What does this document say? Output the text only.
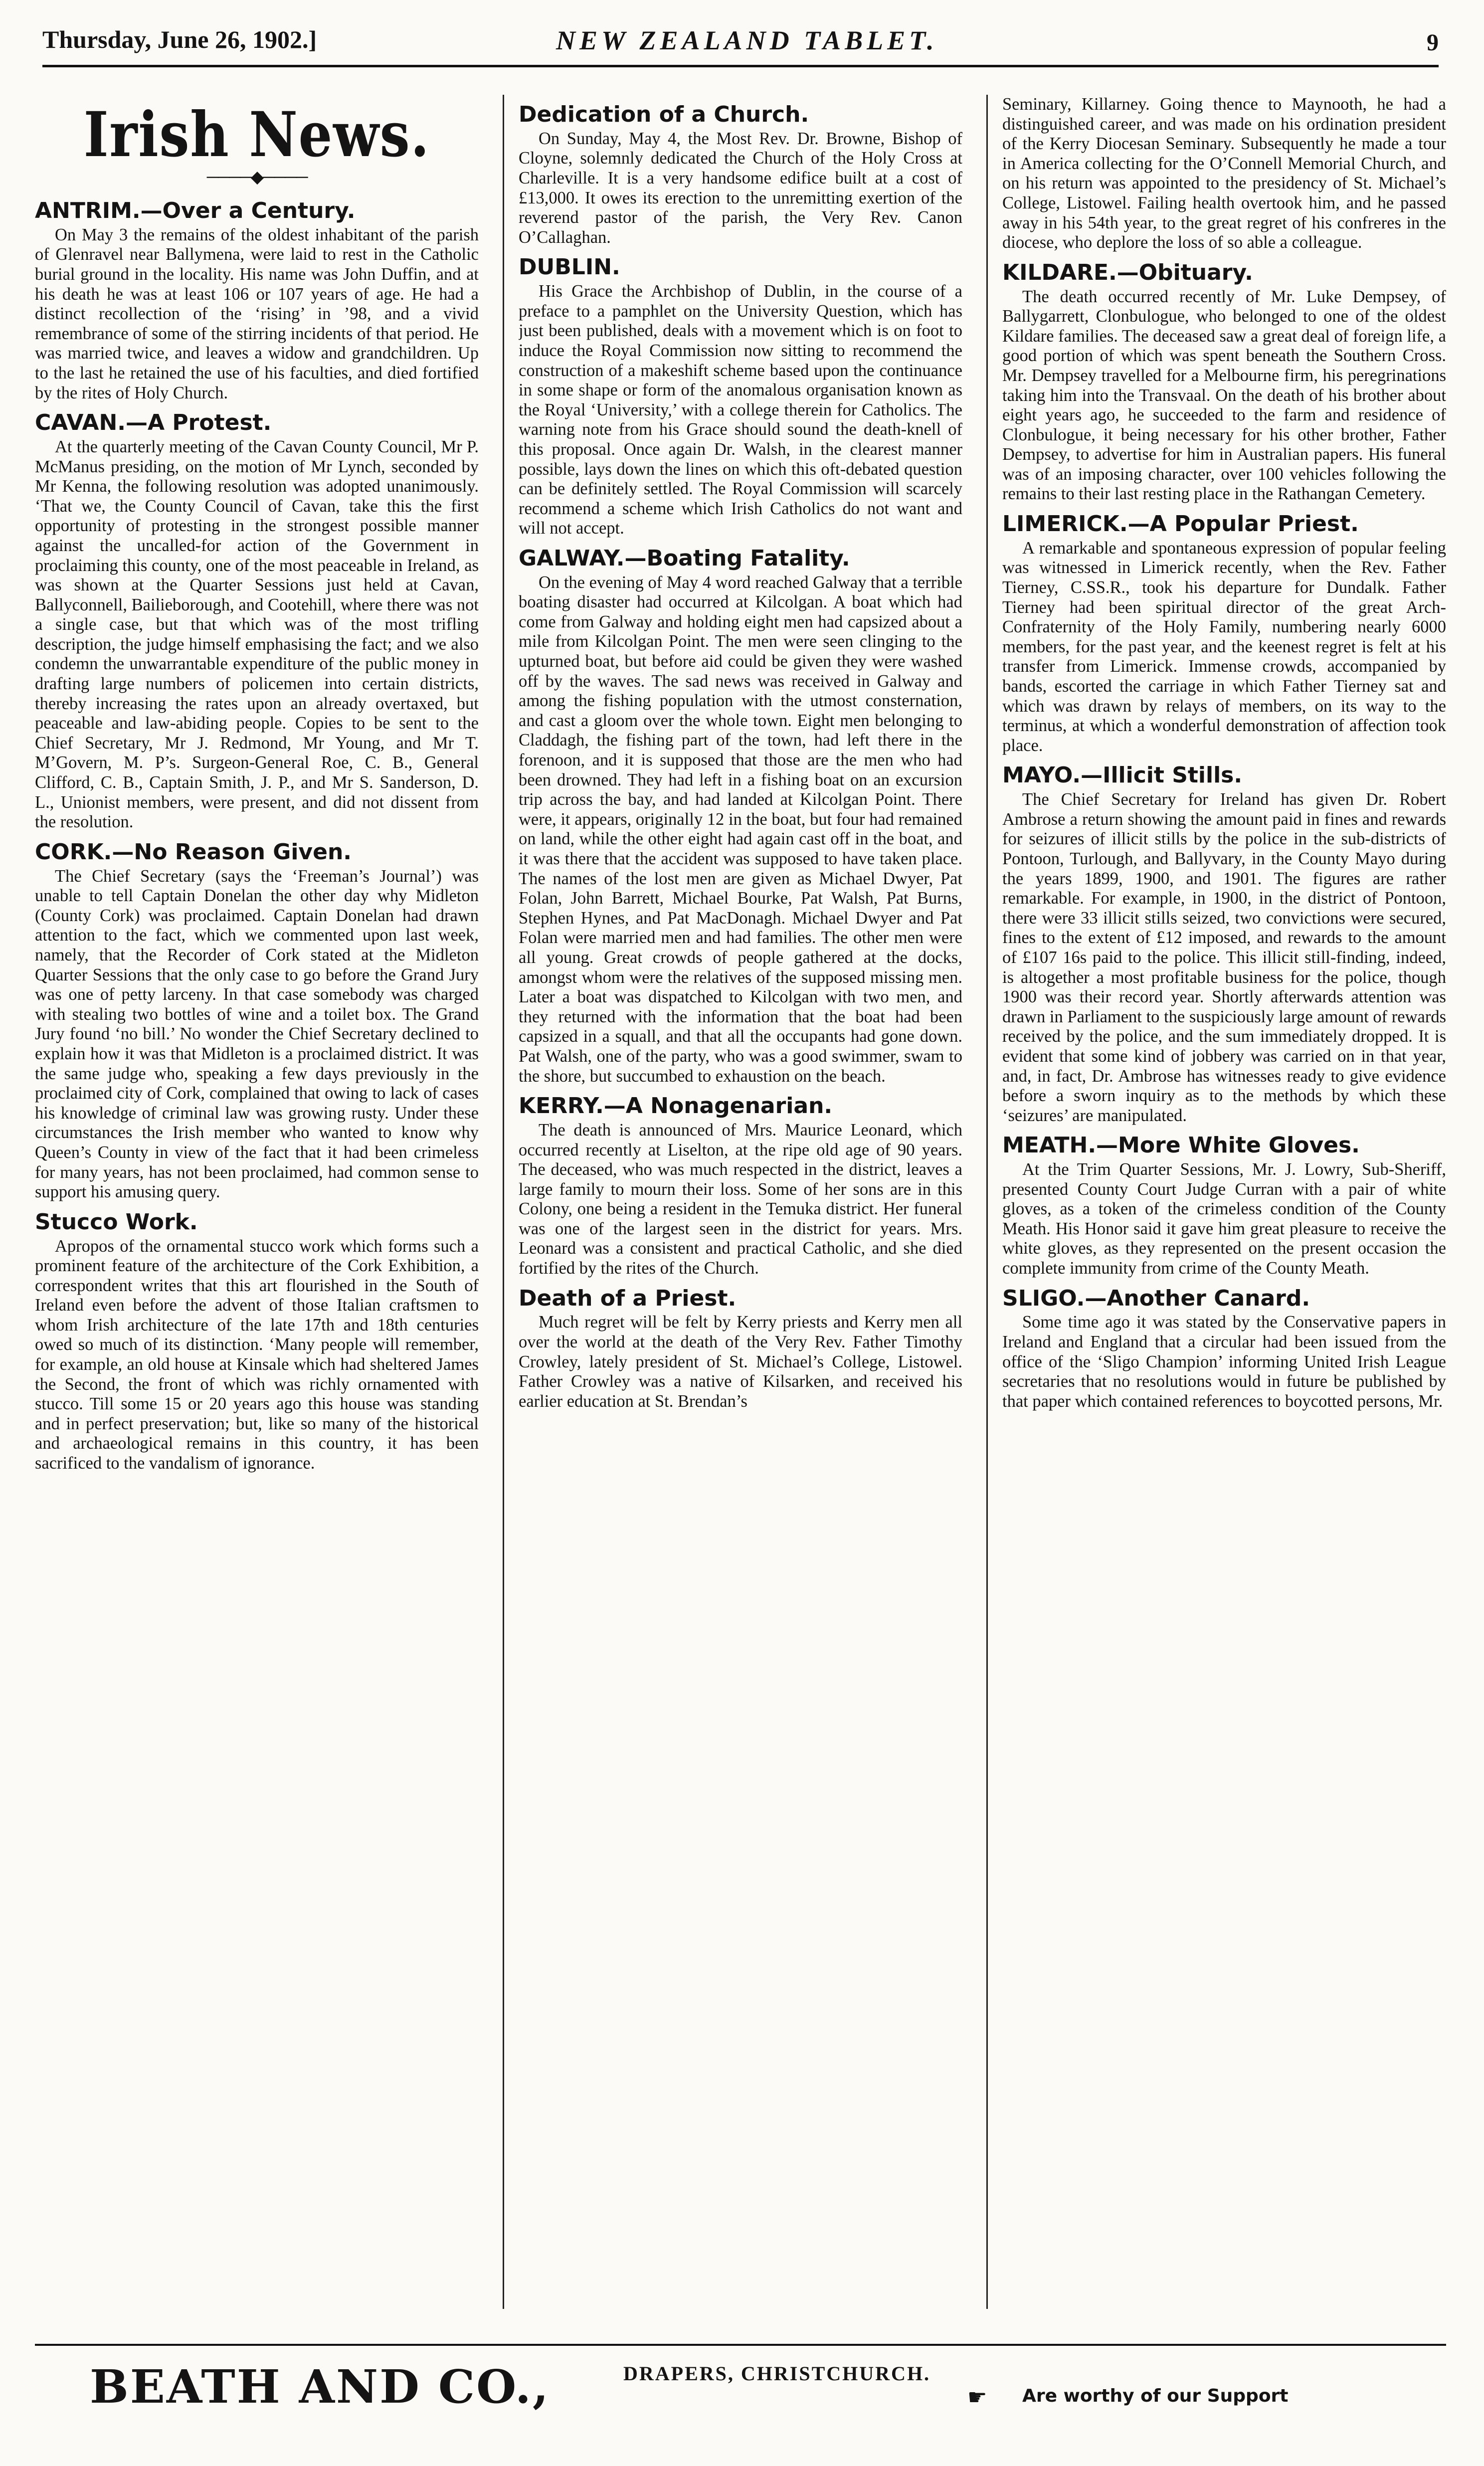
Thursday, June 26, 1902.]	NEW ZEALAND TABLET.	9
Irish News.
────◆────
ANTRIM.—Over a Century.

On May 3 the remains of the oldest inhabitant of the parish of Glenravel near Ballymena, were laid to rest in the Catholic burial ground in the locality. His name was John Duffin, and at his death he was at least 106 or 107 years of age. He had a distinct recollection of the ‘rising’ in ’98, and a vivid remembrance of some of the stirring incidents of that period. He was married twice, and leaves a widow and grandchildren. Up to the last he retained the use of his faculties, and died fortified by the rites of Holy Church.

CAVAN.—A Protest.

At the quarterly meeting of the Cavan County Council, Mr P. McManus presiding, on the motion of Mr Lynch, seconded by Mr Kenna, the following resolution was adopted unanimously. ‘That we, the County Council of Cavan, take this the first opportunity of protesting in the strongest possible manner against the uncalled-for action of the Government in proclaiming this county, one of the most peaceable in Ireland, as was shown at the Quarter Sessions just held at Cavan, Ballyconnell, Bailieborough, and Cootehill, where there was not a single case, but that which was of the most trifling description, the judge himself emphasising the fact; and we also condemn the unwarrantable expenditure of the public money in drafting large numbers of policemen into certain districts, thereby increasing the rates upon an already overtaxed, but peaceable and law-abiding people. Copies to be sent to the Chief Secretary, Mr J. Redmond, Mr Young, and Mr T. M’Govern, M. P’s. Surgeon-General Roe, C. B., General Clifford, C. B., Captain Smith, J. P., and Mr S. Sanderson, D. L., Unionist members, were present, and did not dissent from the resolution.

CORK.—No Reason Given.

The Chief Secretary (says the ‘Freeman’s Journal’) was unable to tell Captain Donelan the other day why Midleton (County Cork) was proclaimed. Captain Donelan had drawn attention to the fact, which we commented upon last week, namely, that the Recorder of Cork stated at the Midleton Quarter Sessions that the only case to go before the Grand Jury was one of petty larceny. In that case somebody was charged with stealing two bottles of wine and a toilet box. The Grand Jury found ‘no bill.’ No wonder the Chief Secretary declined to explain how it was that Midleton is a proclaimed district. It was the same judge who, speaking a few days previously in the proclaimed city of Cork, complained that owing to lack of cases his knowledge of criminal law was growing rusty. Under these circumstances the Irish member who wanted to know why Queen’s County in view of the fact that it had been crimeless for many years, has not been proclaimed, had common sense to support his amusing query.

Stucco Work.

Apropos of the ornamental stucco work which forms such a prominent feature of the architecture of the Cork Exhibition, a correspondent writes that this art flourished in the South of Ireland even before the advent of those Italian craftsmen to whom Irish architecture of the late 17th and 18th centuries owed so much of its distinction. ‘Many people will remember, for example, an old house at Kinsale which had sheltered James the Second, the front of which was richly ornamented with stucco. Till some 15 or 20 years ago this house was standing and in perfect preservation; but, like so many of the historical and archaeological remains in this country, it has been sacrificed to the vandalism of ignorance.

Dedication of a Church.

On Sunday, May 4, the Most Rev. Dr. Browne, Bishop of Cloyne, solemnly dedicated the Church of the Holy Cross at Charleville. It is a very handsome edifice built at a cost of £13,000. It owes its erection to the unremitting exertion of the reverend pastor of the parish, the Very Rev. Canon O’Callaghan.

DUBLIN.

His Grace the Archbishop of Dublin, in the course of a preface to a pamphlet on the University Question, which has just been published, deals with a movement which is on foot to induce the Royal Commission now sitting to recommend the construction of a makeshift scheme based upon the continuance in some shape or form of the anomalous organisation known as the Royal ‘University,’ with a college therein for Catholics. The warning note from his Grace should sound the death-knell of this proposal. Once again Dr. Walsh, in the clearest manner possible, lays down the lines on which this oft-debated question can be definitely settled. The Royal Commission will scarcely recommend a scheme which Irish Catholics do not want and will not accept.

GALWAY.—Boating Fatality.

On the evening of May 4 word reached Galway that a terrible boating disaster had occurred at Kilcolgan. A boat which had come from Galway and holding eight men had capsized about a mile from Kilcolgan Point. The men were seen clinging to the upturned boat, but before aid could be given they were washed off by the waves. The sad news was received in Galway and among the fishing population with the utmost consternation, and cast a gloom over the whole town. Eight men belonging to Claddagh, the fishing part of the town, had left there in the forenoon, and it is supposed that those are the men who had been drowned. They had left in a fishing boat on an excursion trip across the bay, and had landed at Kilcolgan Point. There were, it appears, originally 12 in the boat, but four had remained on land, while the other eight had again cast off in the boat, and it was there that the accident was supposed to have taken place. The names of the lost men are given as Michael Dwyer, Pat Folan, John Barrett, Michael Bourke, Pat Walsh, Pat Burns, Stephen Hynes, and Pat MacDonagh. Michael Dwyer and Pat Folan were married men and had families. The other men were all young. Great crowds of people gathered at the docks, amongst whom were the relatives of the supposed missing men. Later a boat was dispatched to Kilcolgan with two men, and they returned with the information that the boat had been capsized in a squall, and that all the occupants had gone down. Pat Walsh, one of the party, who was a good swimmer, swam to the shore, but succumbed to exhaustion on the beach.

KERRY.—A Nonagenarian.

The death is announced of Mrs. Maurice Leonard, which occurred recently at Liselton, at the ripe old age of 90 years. The deceased, who was much respected in the district, leaves a large family to mourn their loss. Some of her sons are in this Colony, one being a resident in the Temuka district. Her funeral was one of the largest seen in the district for years. Mrs. Leonard was a consistent and practical Catholic, and she died fortified by the rites of the Church.

Death of a Priest.

Much regret will be felt by Kerry priests and Kerry men all over the world at the death of the Very Rev. Father Timothy Crowley, lately president of St. Michael’s College, Listowel. Father Crowley was a native of Kilsarken, and received his earlier education at St. Brendan’s

Seminary, Killarney. Going thence to Maynooth, he had a distinguished career, and was made on his ordination president of the Kerry Diocesan Seminary. Subsequently he made a tour in America collecting for the O’Connell Memorial Church, and on his return was appointed to the presidency of St. Michael’s College, Listowel. Failing health overtook him, and he passed away in his 54th year, to the great regret of his confreres in the diocese, who deplore the loss of so able a colleague.

KILDARE.—Obituary.

The death occurred recently of Mr. Luke Dempsey, of Ballygarrett, Clonbulogue, who belonged to one of the oldest Kildare families. The deceased saw a great deal of foreign life, a good portion of which was spent beneath the Southern Cross. Mr. Dempsey travelled for a Melbourne firm, his peregrinations taking him into the Transvaal. On the death of his brother about eight years ago, he succeeded to the farm and residence of Clonbulogue, it being necessary for his other brother, Father Dempsey, to advertise for him in Australian papers. His funeral was of an imposing character, over 100 vehicles following the remains to their last resting place in the Rathangan Cemetery.

LIMERICK.—A Popular Priest.

A remarkable and spontaneous expression of popular feeling was witnessed in Limerick recently, when the Rev. Father Tierney, C.SS.R., took his departure for Dundalk. Father Tierney had been spiritual director of the great Arch-Confraternity of the Holy Family, numbering nearly 6000 members, for the past year, and the keenest regret is felt at his transfer from Limerick. Immense crowds, accompanied by bands, escorted the carriage in which Father Tierney sat and which was drawn by relays of members, on its way to the terminus, at which a wonderful demonstration of affection took place.

MAYO.—Illicit Stills.

The Chief Secretary for Ireland has given Dr. Robert Ambrose a return showing the amount paid in fines and rewards for seizures of illicit stills by the police in the sub-districts of Pontoon, Turlough, and Ballyvary, in the County Mayo during the years 1899, 1900, and 1901. The figures are rather remarkable. For example, in 1900, in the district of Pontoon, there were 33 illicit stills seized, two convictions were secured, fines to the extent of £12 imposed, and rewards to the amount of £107 16s paid to the police. This illicit still-finding, indeed, is altogether a most profitable business for the police, though 1900 was their record year. Shortly afterwards attention was drawn in Parliament to the suspiciously large amount of rewards received by the police, and the sum immediately dropped. It is evident that some kind of jobbery was carried on in that year, and, in fact, Dr. Ambrose has witnesses ready to give evidence before a sworn inquiry as to the methods by which these ‘seizures’ are manipulated.

MEATH.—More White Gloves.

At the Trim Quarter Sessions, Mr. J. Lowry, Sub-Sheriff, presented County Court Judge Curran with a pair of white gloves, as a token of the crimeless condition of the County Meath. His Honor said it gave him great pleasure to receive the white gloves, as they represented on the present occasion the complete immunity from crime of the County Meath.

SLIGO.—Another Canard.

Some time ago it was stated by the Conservative papers in Ireland and England that a circular had been issued from the office of the ‘Sligo Champion’ informing United Irish League secretaries that no resolutions would in future be published by that paper which contained references to boycotted persons, Mr.

BEATH AND CO.,	DRAPERS, CHRISTCHURCH.
☛ Are worthy of our Support
